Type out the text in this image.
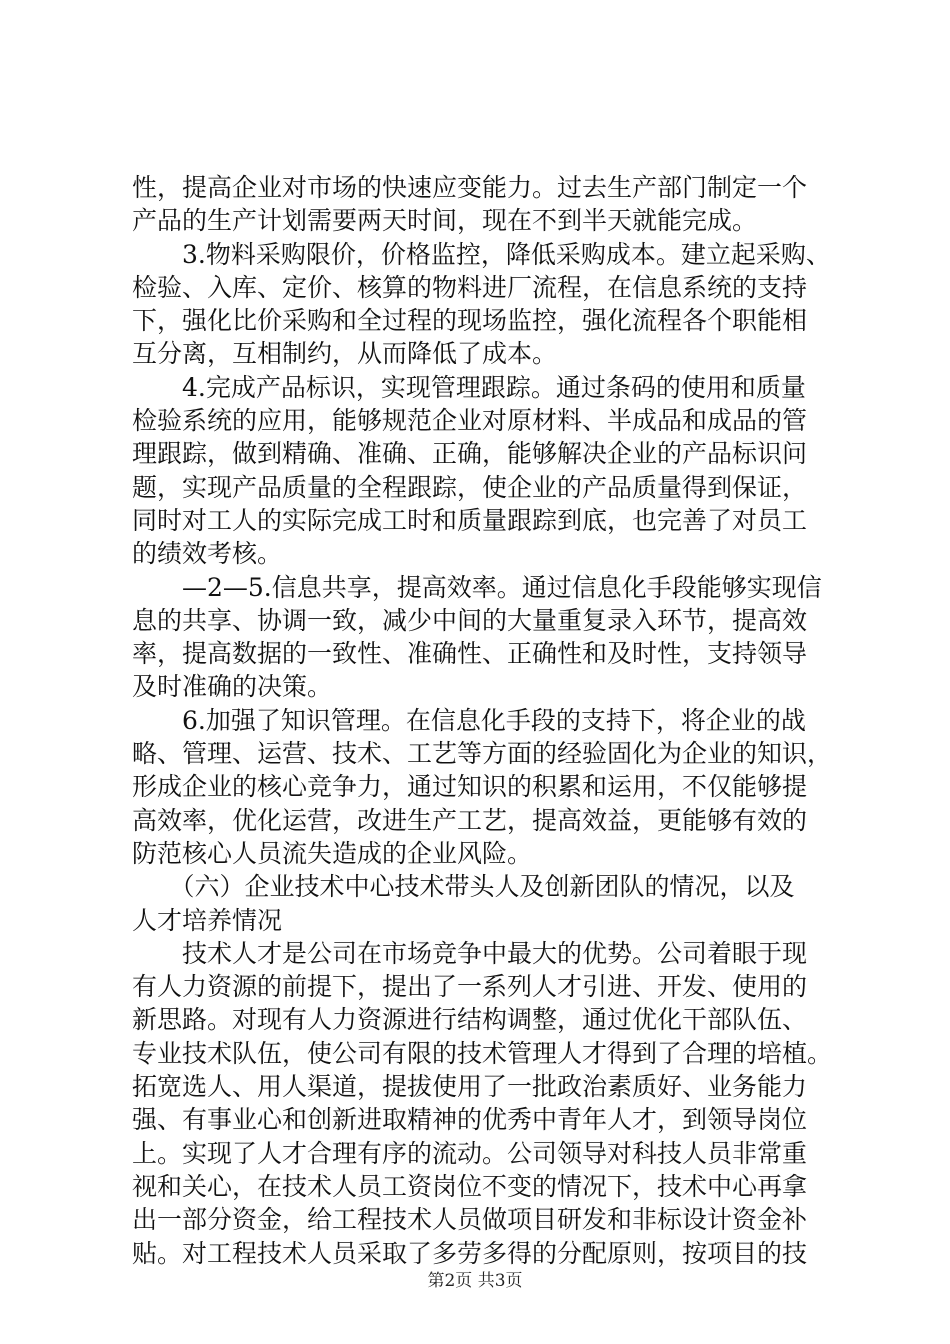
性，提高企业对市场的快速应变能力。过去生产部门制定一个
产品的生产计划需要两天时间，现在不到半天就能完成。
　　3.物料采购限价，价格监控，降低采购成本。建立起采购、
检验、入库、定价、核算的物料进厂流程，在信息系统的支持
下，强化比价采购和全过程的现场监控，强化流程各个职能相
互分离，互相制约，从而降低了成本。
　　4.完成产品标识，实现管理跟踪。通过条码的使用和质量
检验系统的应用，能够规范企业对原材料、半成品和成品的管
理跟踪，做到精确、准确、正确，能够解决企业的产品标识问
题，实现产品质量的全程跟踪，使企业的产品质量得到保证，
同时对工人的实际完成工时和质量跟踪到底，也完善了对员工
的绩效考核。
　　—2—5.信息共享，提高效率。通过信息化手段能够实现信
息的共享、协调一致，减少中间的大量重复录入环节，提高效
率，提高数据的一致性、准确性、正确性和及时性，支持领导
及时准确的决策。
　　6.加强了知识管理。在信息化手段的支持下，将企业的战
略、管理、运营、技术、工艺等方面的经验固化为企业的知识，
形成企业的核心竞争力，通过知识的积累和运用，不仅能够提
高效率，优化运营，改进生产工艺，提高效益，更能够有效的
防范核心人员流失造成的企业风险。
　　（六）企业技术中心技术带头人及创新团队的情况，以及
人才培养情况
　　技术人才是公司在市场竞争中最大的优势。公司着眼于现
有人力资源的前提下，提出了一系列人才引进、开发、使用的
新思路。对现有人力资源进行结构调整，通过优化干部队伍、
专业技术队伍，使公司有限的技术管理人才得到了合理的培植。
拓宽选人、用人渠道，提拔使用了一批政治素质好、业务能力
强、有事业心和创新进取精神的优秀中青年人才，到领导岗位
上。实现了人才合理有序的流动。公司领导对科技人员非常重
视和关心，在技术人员工资岗位不变的情况下，技术中心再拿
出一部分资金，给工程技术人员做项目研发和非标设计资金补
贴。对工程技术人员采取了多劳多得的分配原则，按项目的技
第2页 共3页
